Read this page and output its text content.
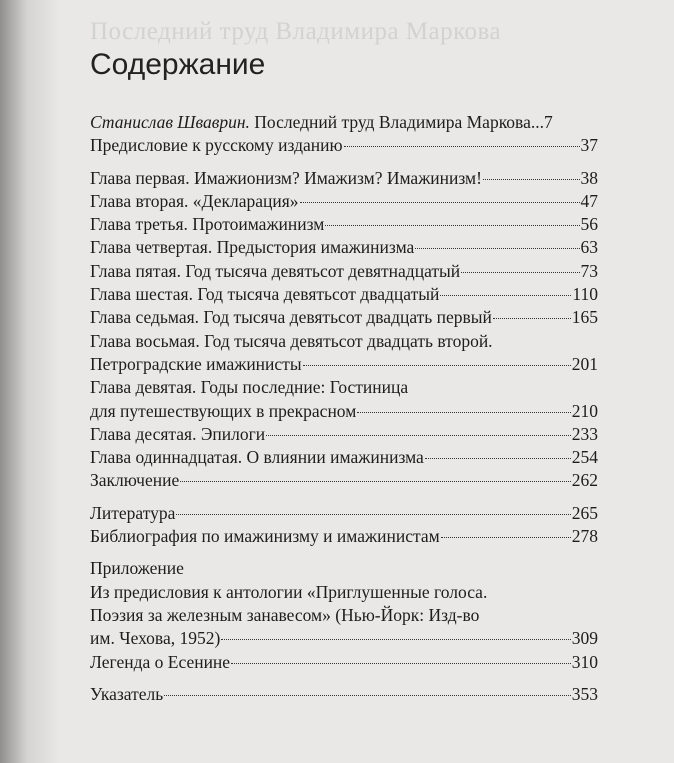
Последний труд Владимира Маркова
Содержание
Станислав Шваврин. Последний труд Владимира Маркова ...7
Предисловие к русскому изданию	37
Глава первая. Имажионизм? Имажизм? Имажинизм!	38
Глава вторая. «Декларация»	47
Глава третья. Протоимажинизм	56
Глава четвертая. Предыстория имажинизма	63
Глава пятая. Год тысяча девятьсот девятнадцатый	73
Глава шестая. Год тысяча девятьсот двадцатый	110
Глава седьмая. Год тысяча девятьсот двадцать первый	165
Глава восьмая. Год тысяча девятьсот двадцать второй.
Петроградские имажинисты	201
Глава девятая. Годы последние: Гостиница
для путешествующих в прекрасном	210
Глава десятая. Эпилоги	233
Глава одиннадцатая. О влиянии имажинизма	254
Заключение	262
Литература	265
Библиография по имажинизму и имажинистам	278
Приложение
Из предисловия к антологии «Приглушенные голоса.
Поэзия за железным занавесом» (Нью-Йорк: Изд-во
им. Чехова, 1952)	309
Легенда о Есенине	310
Указатель	353
